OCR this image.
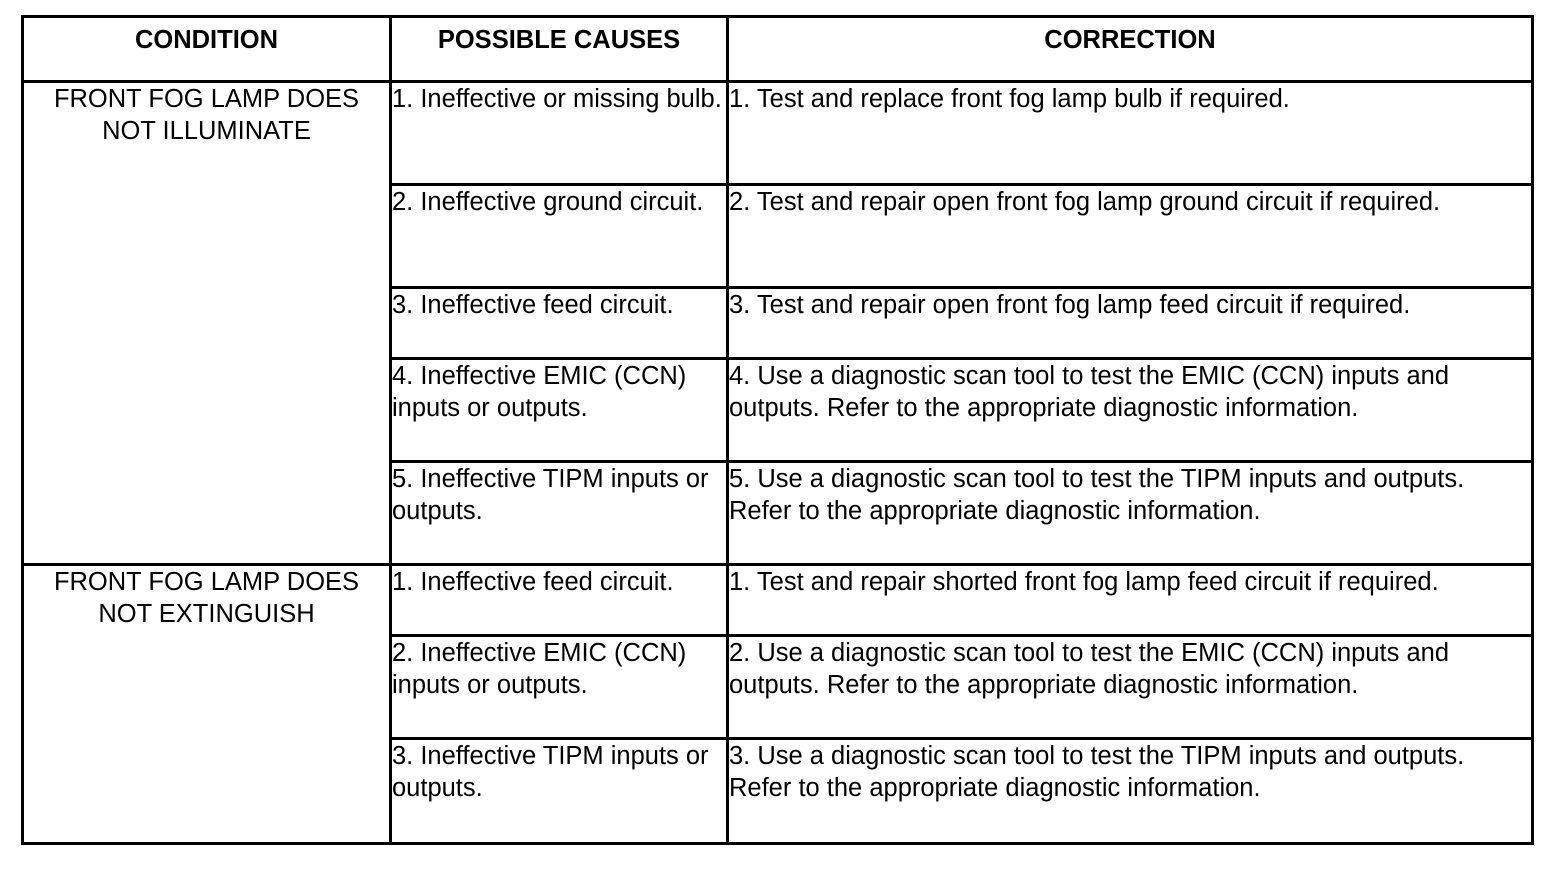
CONDITION	POSSIBLE CAUSES	CORRECTION
FRONT FOG LAMP DOES NOT ILLUMINATE	1. Ineffective or missing bulb.	1. Test and replace front fog lamp bulb if required.
	2. Ineffective ground circuit.	2. Test and repair open front fog lamp ground circuit if required.
	3. Ineffective feed circuit.	3. Test and repair open front fog lamp feed circuit if required.
	4. Ineffective EMIC (CCN) inputs or outputs.	4. Use a diagnostic scan tool to test the EMIC (CCN) inputs and outputs. Refer to the appropriate diagnostic information.
	5. Ineffective TIPM inputs or outputs.	5. Use a diagnostic scan tool to test the TIPM inputs and outputs. Refer to the appropriate diagnostic information.
FRONT FOG LAMP DOES NOT EXTINGUISH	1. Ineffective feed circuit.	1. Test and repair shorted front fog lamp feed circuit if required.
	2. Ineffective EMIC (CCN) inputs or outputs.	2. Use a diagnostic scan tool to test the EMIC (CCN) inputs and outputs. Refer to the appropriate diagnostic information.
	3. Ineffective TIPM inputs or outputs.	3. Use a diagnostic scan tool to test the TIPM inputs and outputs. Refer to the appropriate diagnostic information.
